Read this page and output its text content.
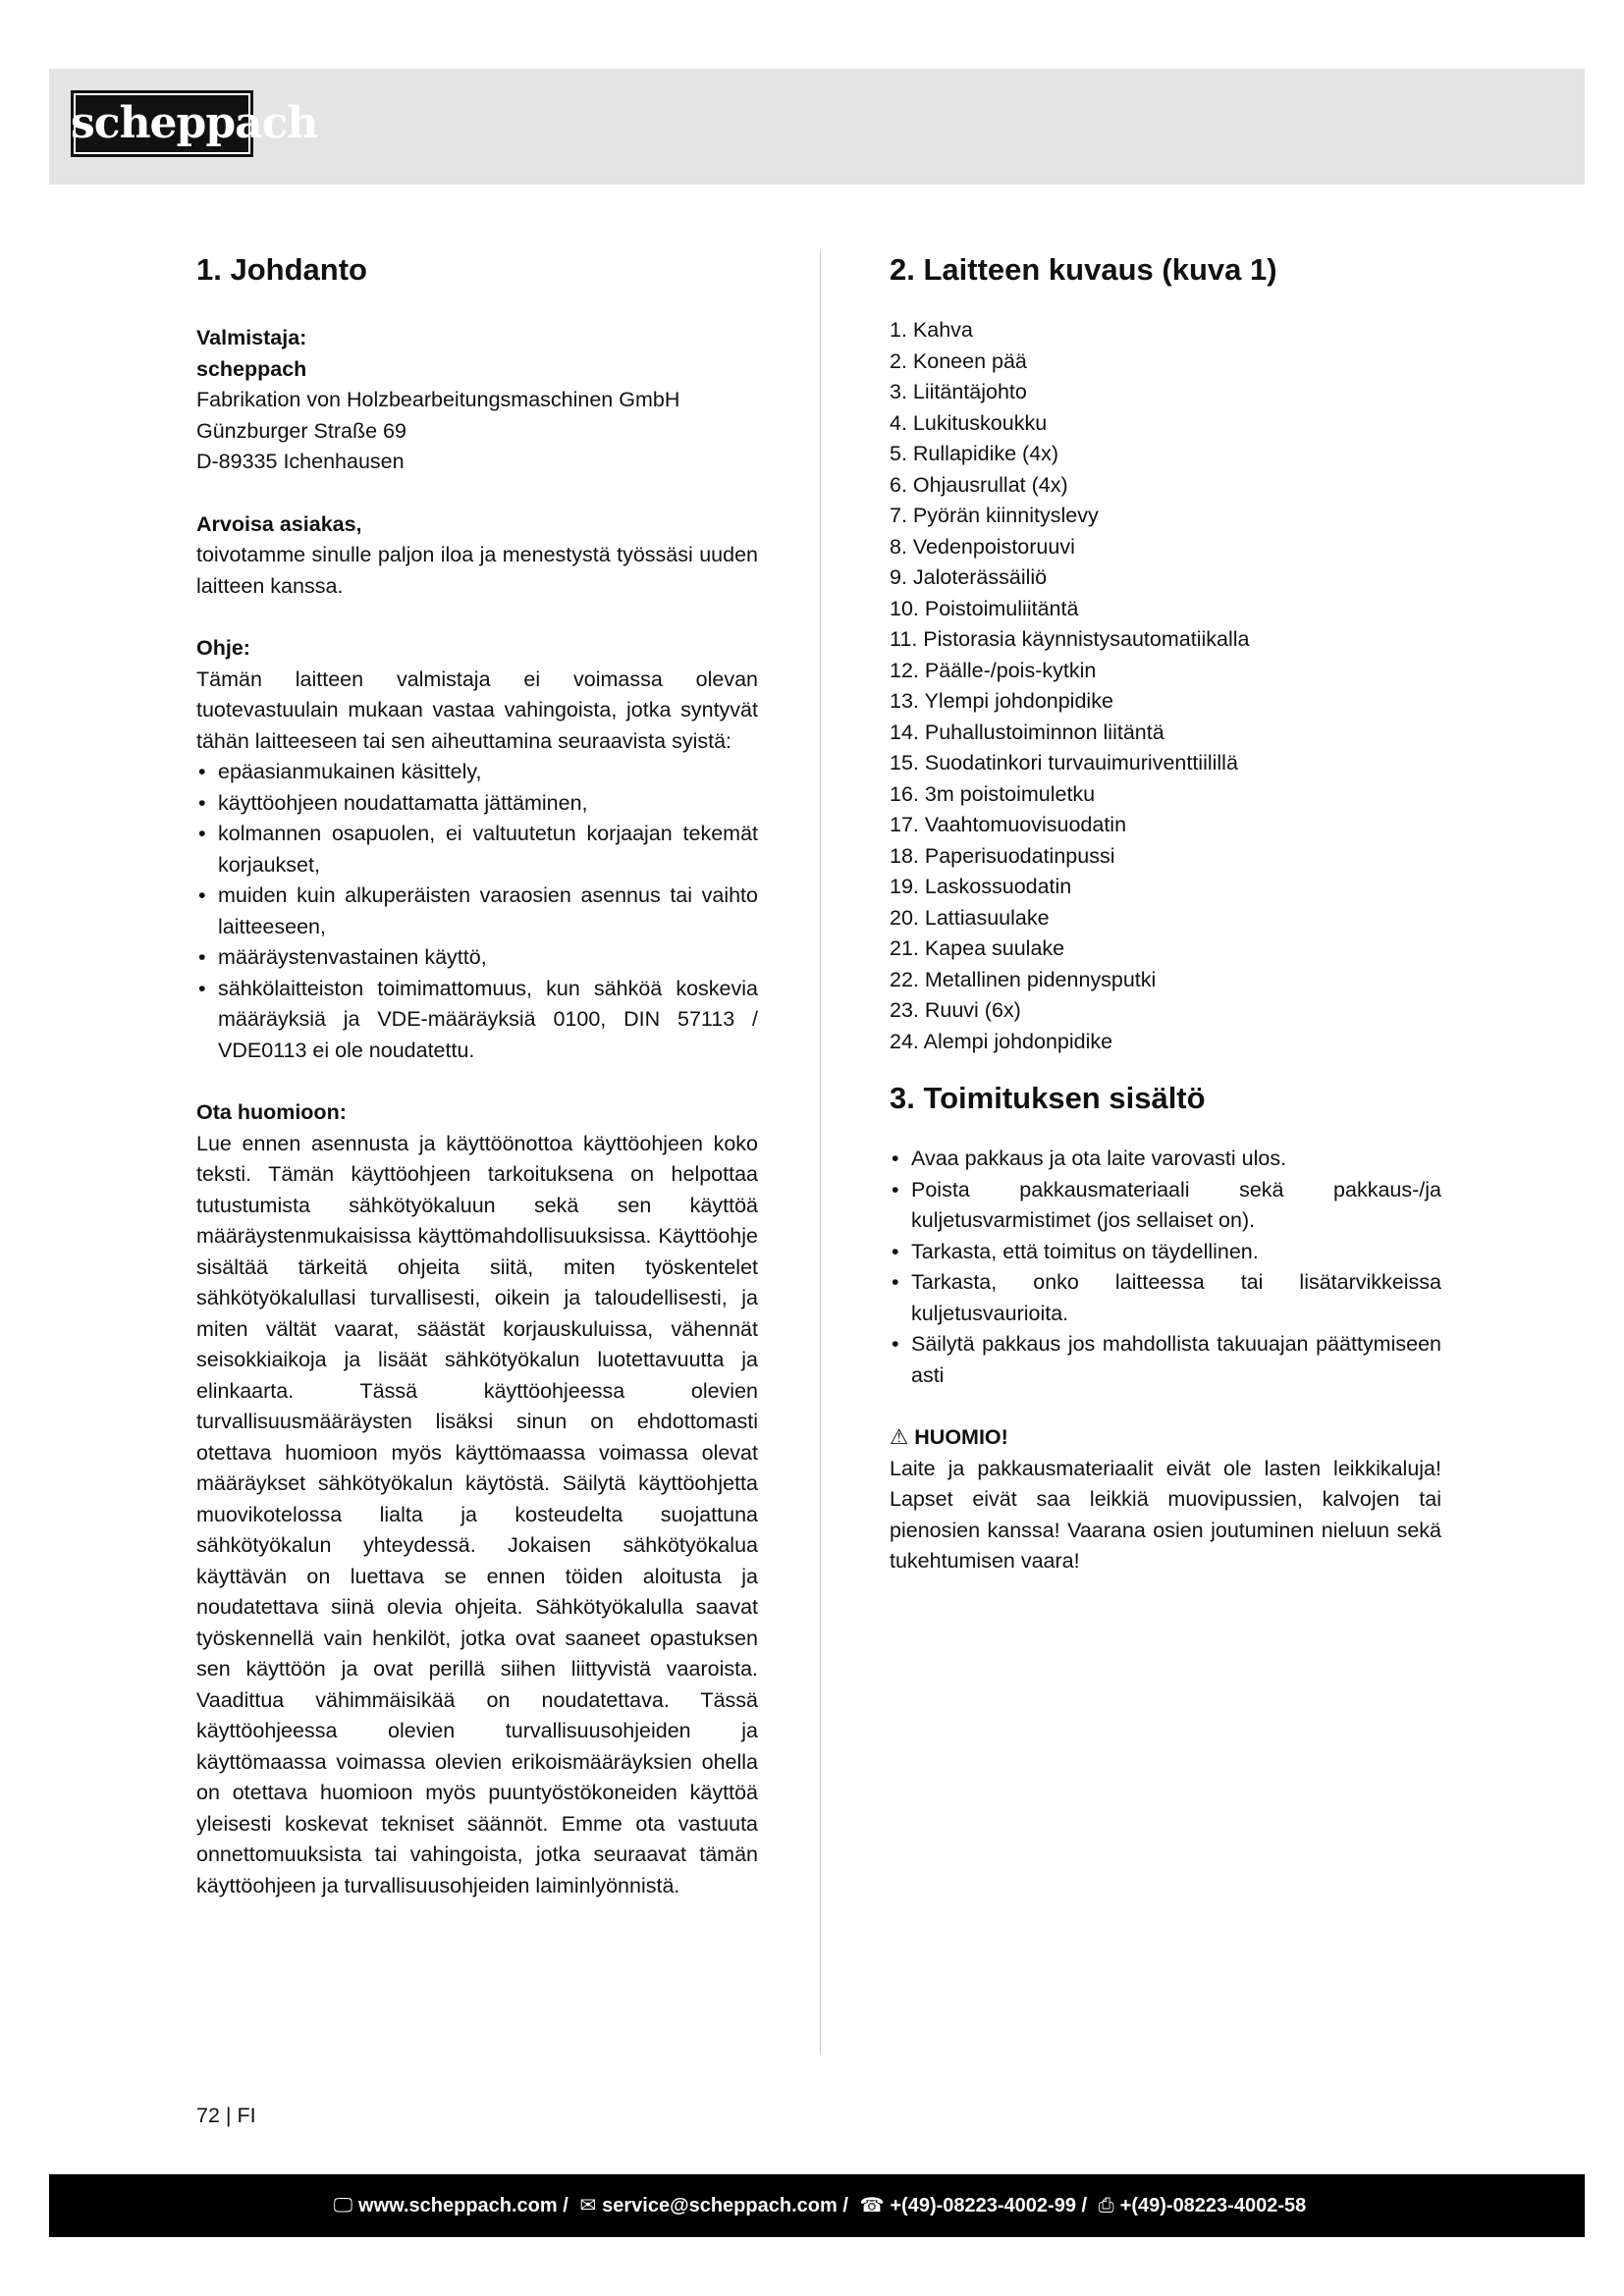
scheppach
1. Johdanto

Valmistaja:

scheppach

Fabrikation von Holzbearbeitungsmaschinen GmbH

Günzburger Straße 69

D-89335 Ichenhausen

Arvoisa asiakas,

toivotamme sinulle paljon iloa ja menestystä työssäsi uuden laitteen kanssa.

Ohje:

Tämän laitteen valmistaja ei voimassa olevan tuotevastuulain mukaan vastaa vahingoista, jotka syntyvät tähän laitteeseen tai sen aiheuttamina seuraavista syistä:

• epäasianmukainen käsittely,
• käyttöohjeen noudattamatta jättäminen,
• kolmannen osapuolen, ei valtuutetun korjaajan tekemät korjaukset,
• muiden kuin alkuperäisten varaosien asennus tai vaihto laitteeseen,
• määräystenvastainen käyttö,
• sähkölaitteiston toimimattomuus, kun sähköä koskevia määräyksiä ja VDE-määräyksiä 0100, DIN 57113 / VDE0113 ei ole noudatettu.

Ota huomioon:

Lue ennen asennusta ja käyttöönottoa käyttöohjeen koko teksti. Tämän käyttöohjeen tarkoituksena on helpottaa tutustumista sähkötyökaluun sekä sen käyttöä määräystenmukaisissa käyttömahdollisuuksissa. Käyttöohje sisältää tärkeitä ohjeita siitä, miten työskentelet sähkötyökalullasi turvallisesti, oikein ja taloudellisesti, ja miten vältät vaarat, säästät korjauskuluissa, vähennät seisokkiaikoja ja lisäät sähkötyökalun luotettavuutta ja elinkaarta. Tässä käyttöohjeessa olevien turvallisuusmääräysten lisäksi sinun on ehdottomasti otettava huomioon myös käyttömaassa voimassa olevat määräykset sähkötyökalun käytöstä. Säilytä käyttöohjetta muovikotelossa lialta ja kosteudelta suojattuna sähkötyökalun yhteydessä. Jokaisen sähkötyökalua käyttävän on luettava se ennen töiden aloitusta ja noudatettava siinä olevia ohjeita. Sähkötyökalulla saavat työskennellä vain henkilöt, jotka ovat saaneet opastuksen sen käyttöön ja ovat perillä siihen liittyvistä vaaroista. Vaadittua vähimmäisikää on noudatettava. Tässä käyttöohjeessa olevien turvallisuusohjeiden ja käyttömaassa voimassa olevien erikoismääräyksien ohella on otettava huomioon myös puuntyöstökoneiden käyttöä yleisesti koskevat tekniset säännöt. Emme ota vastuuta onnettomuuksista tai vahingoista, jotka seuraavat tämän käyttöohjeen ja turvallisuusohjeiden laiminlyönnistä.

2. Laitteen kuvaus (kuva 1)
1. Kahva
2. Koneen pää
3. Liitäntäjohto
4. Lukituskoukku
5. Rullapidike (4x)
6. Ohjausrullat (4x)
7. Pyörän kiinnityslevy
8. Vedenpoistoruuvi
9. Jaloterässäiliö
10. Poistoimuliitäntä
11. Pistorasia käynnistysautomatiikalla
12. Päälle-/pois-kytkin
13. Ylempi johdonpidike
14. Puhallustoiminnon liitäntä
15. Suodatinkori turvauimuriventtiilillä
16. 3m poistoimuletku
17. Vaahtomuovisuodatin
18. Paperisuodatinpussi
19. Laskossuodatin
20. Lattiasuulake
21. Kapea suulake
22. Metallinen pidennysputki
23. Ruuvi (6x)
24. Alempi johdonpidike
3. Toimituksen sisältö
• Avaa pakkaus ja ota laite varovasti ulos.
• Poista pakkausmateriaali sekä pakkaus-/ja kuljetusvarmistimet (jos sellaiset on).
• Tarkasta, että toimitus on täydellinen.
• Tarkasta, onko laitteessa tai lisätarvikkeissa kuljetusvaurioita.
• Säilytä pakkaus jos mahdollista takuuajan päättymiseen asti

⚠ HUOMIO!

Laite ja pakkausmateriaalit eivät ole lasten leikkikaluja! Lapset eivät saa leikkiä muovipussien, kalvojen tai pienosien kanssa! Vaarana osien joutuminen nieluun sekä tukehtumisen vaara!

72 | FI
🖵 www.scheppach.com / ✉ service@scheppach.com / ☎ +(49)-08223-4002-99 / ⎙ +(49)-08223-4002-58
